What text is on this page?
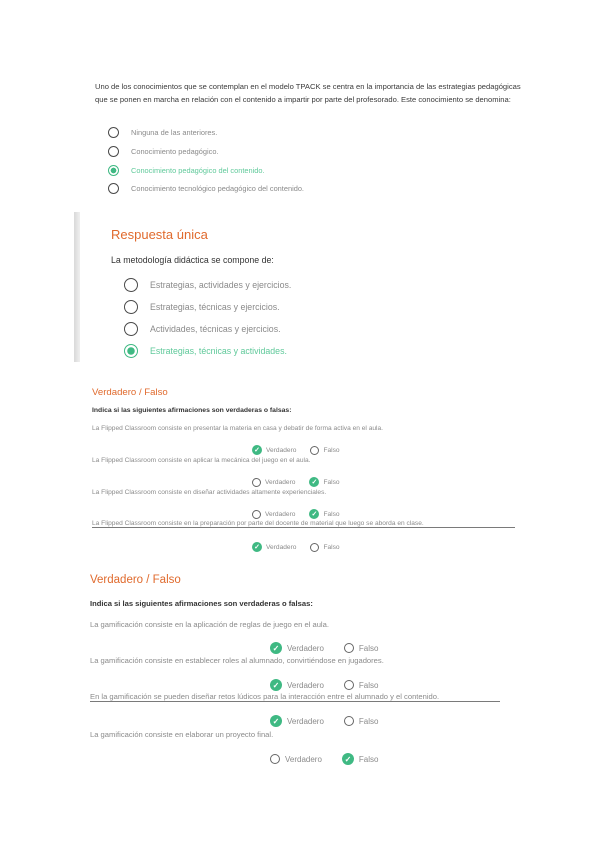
Uno de los conocimientos que se contemplan en el modelo TPACK se centra en la importancia de las estrategias pedagógicas que se ponen en marcha en relación con el contenido a impartir por parte del profesorado. Este conocimiento se denomina:
Ninguna de las anteriores.
Conocimiento pedagógico.
Conocimiento pedagógico del contenido.
Conocimiento tecnológico pedagógico del contenido.
Respuesta única
La metodología didáctica se compone de:
Estrategias, actividades y ejercicios.
Estrategias, técnicas y ejercicios.
Actividades, técnicas y ejercicios.
Estrategias, técnicas y actividades.
Verdadero / Falso
Indica si las siguientes afirmaciones son verdaderas o falsas:
La Flipped Classroom consiste en presentar la materia en casa y debatir de forma activa en el aula.
✓ Verdadero	Falso
La Flipped Classroom consiste en aplicar la mecánica del juego en el aula.
Verdadero ✓ Falso
La Flipped Classroom consiste en diseñar actividades altamente experienciales.
Verdadero ✓ Falso
La Flipped Classroom consiste en la preparación por parte del docente de material que luego se aborda en clase.
✓ Verdadero	Falso
Verdadero / Falso
Indica si las siguientes afirmaciones son verdaderas o falsas:
La gamificación consiste en la aplicación de reglas de juego en el aula.
✓ Verdadero	Falso
La gamificación consiste en establecer roles al alumnado, convirtiéndose en jugadores.
✓ Verdadero	Falso
En la gamificación se pueden diseñar retos lúdicos para la interacción entre el alumnado y el contenido.
✓ Verdadero	Falso
La gamificación consiste en elaborar un proyecto final.
Verdadero	✓ Falso
